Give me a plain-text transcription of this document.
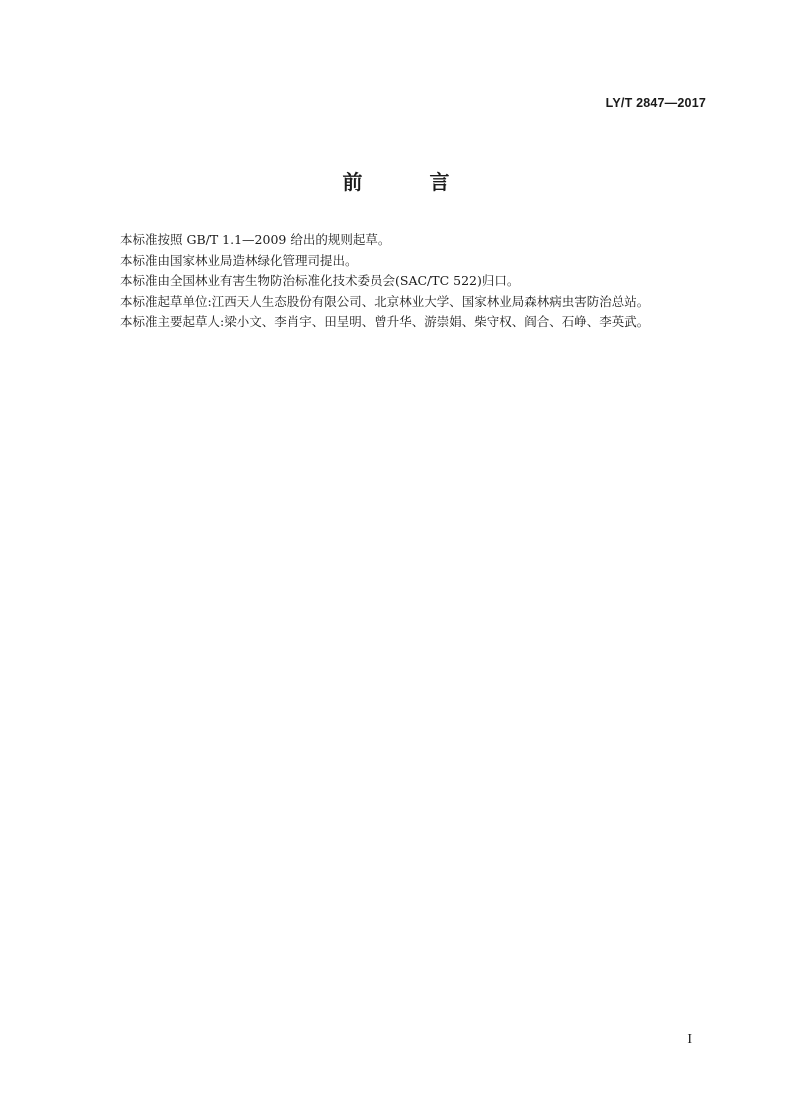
LY/T 2847—2017
前 言
本标准按照 GB/T 1.1—2009 给出的规则起草。
本标准由国家林业局造林绿化管理司提出。
本标准由全国林业有害生物防治标准化技术委员会(SAC/TC 522)归口。
本标准起草单位:江西天人生态股份有限公司、北京林业大学、国家林业局森林病虫害防治总站。
本标准主要起草人:梁小文、李肖宇、田呈明、曾升华、游崇娟、柴守权、阎合、石峥、李英武。
I
